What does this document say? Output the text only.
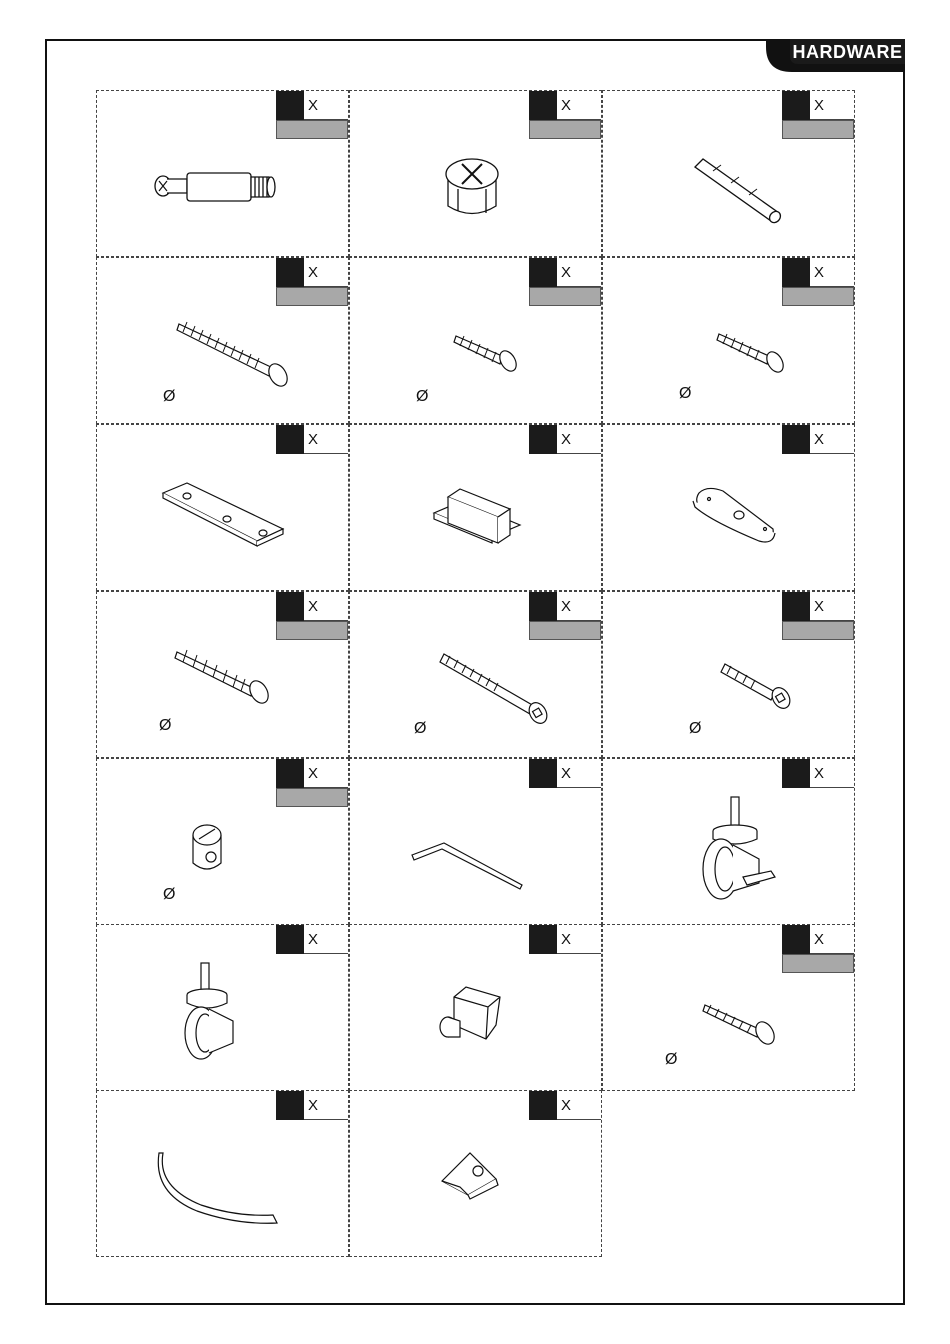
HARDWARE
X	X	X
X
Ø
X
Ø
X
Ø
X	X	X
X
Ø
X
Ø
X
Ø
X
Ø
X	X
X	X	X
Ø
X	X
